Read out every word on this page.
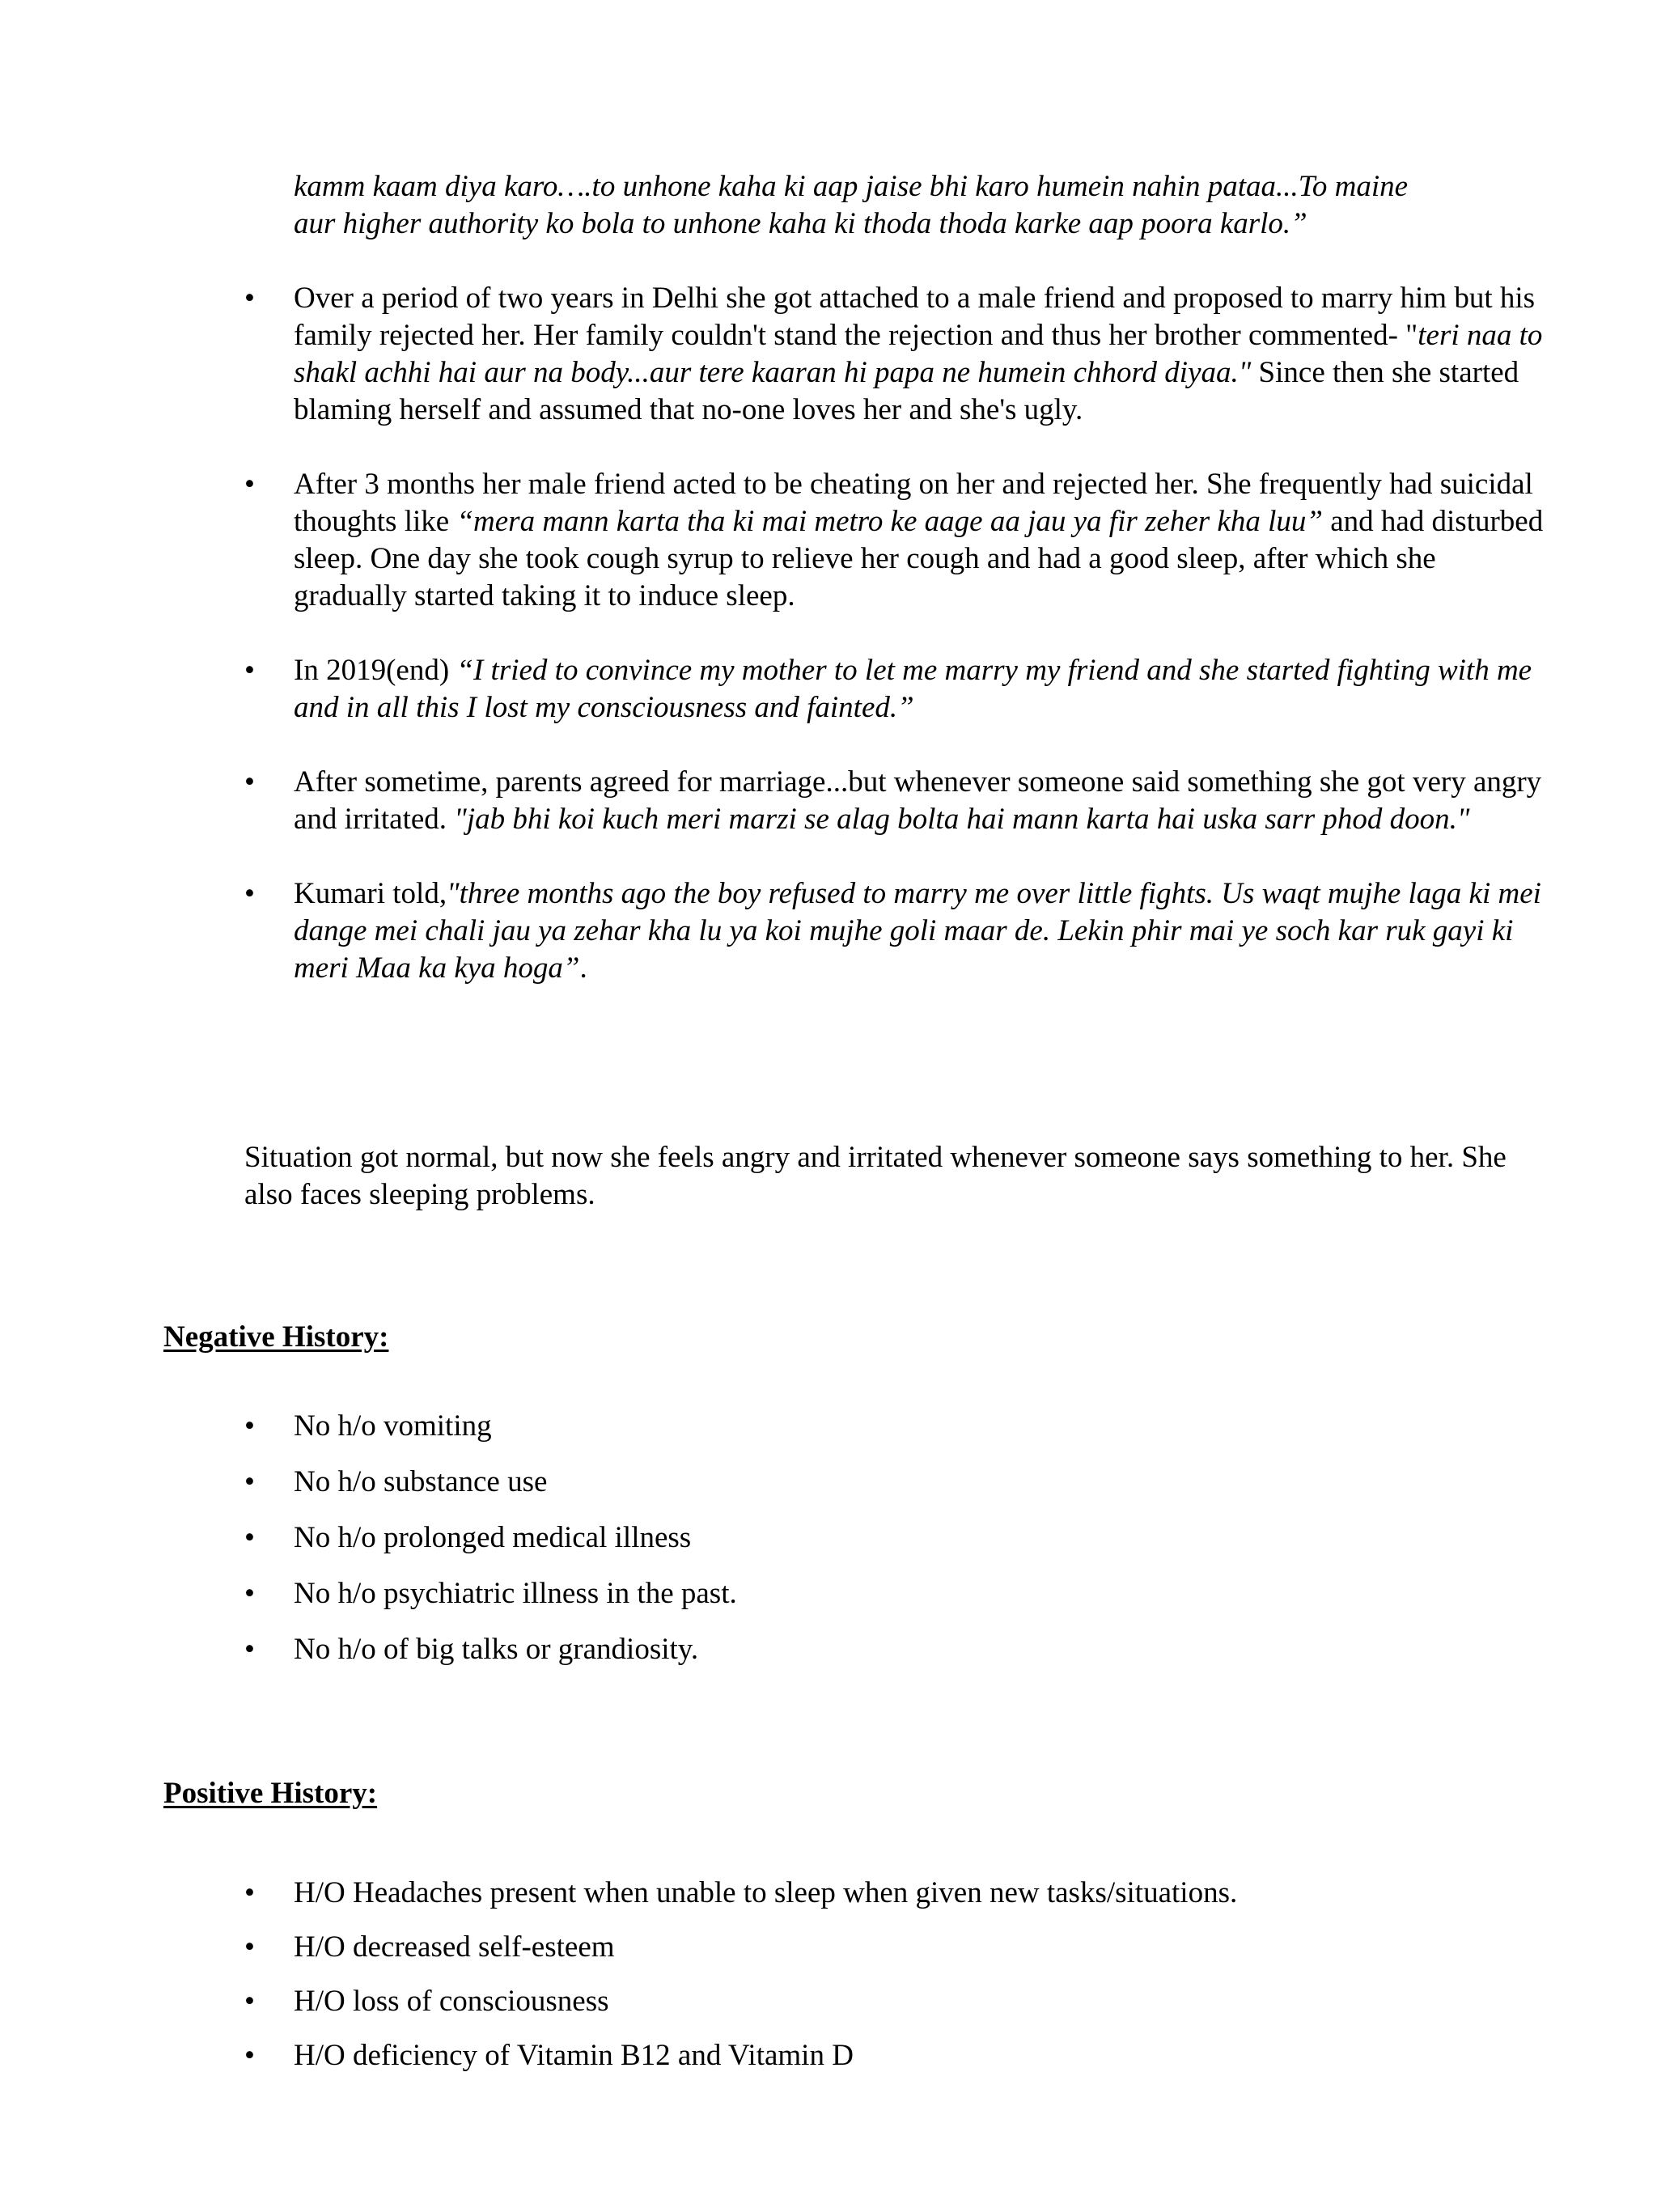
kamm kaam diya karo….to unhone kaha ki aap jaise bhi karo humein nahin pataa...To maine
aur higher authority ko bola to unhone kaha ki thoda thoda karke aap poora karlo.”
•	Over a period of two years in Delhi she got attached to a male friend and proposed to marry him but his family rejected her. Her family couldn't stand the rejection and thus her brother commented- "teri naa to shakl achhi hai aur na body...aur tere kaaran hi papa ne humein chhord diyaa." Since then she started blaming herself and assumed that no-one loves her and she's ugly.
•	After 3 months her male friend acted to be cheating on her and rejected her. She frequently had suicidal thoughts like “mera mann karta tha ki mai metro ke aage aa jau ya fir zeher kha luu” and had disturbed sleep. One day she took cough syrup to relieve her cough and had a good sleep, after which she gradually started taking it to induce sleep.
•	In 2019(end) “I tried to convince my mother to let me marry my friend and she started fighting with me and in all this I lost my consciousness and fainted.”
•	After sometime, parents agreed for marriage...but whenever someone said something she got very angry and irritated. "jab bhi koi kuch meri marzi se alag bolta hai mann karta hai uska sarr phod doon."
•	Kumari told,"three months ago the boy refused to marry me over little fights. Us waqt mujhe laga ki mei dange mei chali jau ya zehar kha lu ya koi mujhe goli maar de. Lekin phir mai ye soch kar ruk gayi ki meri Maa ka kya hoga”.

Situation got normal, but now she feels angry and irritated whenever someone says something to her. She also faces sleeping problems.

Negative History:
•	No h/o vomiting
•	No h/o substance use
•	No h/o prolonged medical illness
•	No h/o psychiatric illness in the past.
•	No h/o of big talks or grandiosity.
Positive History:
•	H/O Headaches present when unable to sleep when given new tasks/situations.
•	H/O decreased self-esteem
•	H/O loss of consciousness
•	H/O deficiency of Vitamin B12 and Vitamin D
